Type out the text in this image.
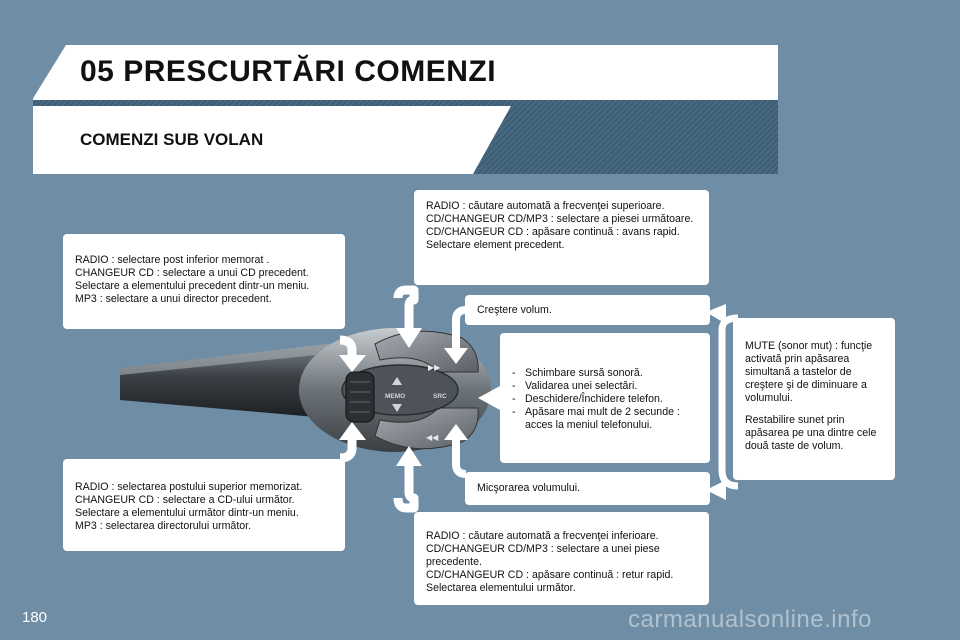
05 PRESCURTĂRI COMENZI
COMENZI SUB VOLAN
MEMO	SRC
▶▶
◀◀

RADIO : căutare automată a frecvenţei superioare.

CD/CHANGEUR CD/MP3 : selectare a piesei următoare.

CD/CHANGEUR CD : apăsare continuă : avans rapid.

Selectare element precedent.

RADIO : selectare post inferior memorat .

CHANGEUR CD : selectare a unui CD precedent.

Selectare a elementului precedent dintr-un meniu.

MP3 : selectare a unui director precedent.

Creştere volum.

- Schimbare sursă sonoră.
- Validarea unei selectări.
- Deschidere/Închidere telefon.
- Apăsare mai mult de 2 secunde : acces la meniul telefonului.

MUTE (sonor mut) : funcţie activată prin apăsarea simultană a tastelor de creştere şi de diminuare a volumului.

Restabilire sunet prin apăsarea pe una dintre cele două taste de volum.

Micşorarea volumului.

RADIO : selectarea postului superior memorizat.

CHANGEUR CD : selectare a CD-ului următor.

Selectare a elementului următor dintr-un meniu.

MP3 : selectarea directorului următor.

RADIO : căutare automată a frecvenţei inferioare.

CD/CHANGEUR CD/MP3 : selectare a unei piese precedente.

CD/CHANGEUR CD : apăsare continuă : retur rapid.

Selectarea elementului următor.

180	carmanualsonline.info
